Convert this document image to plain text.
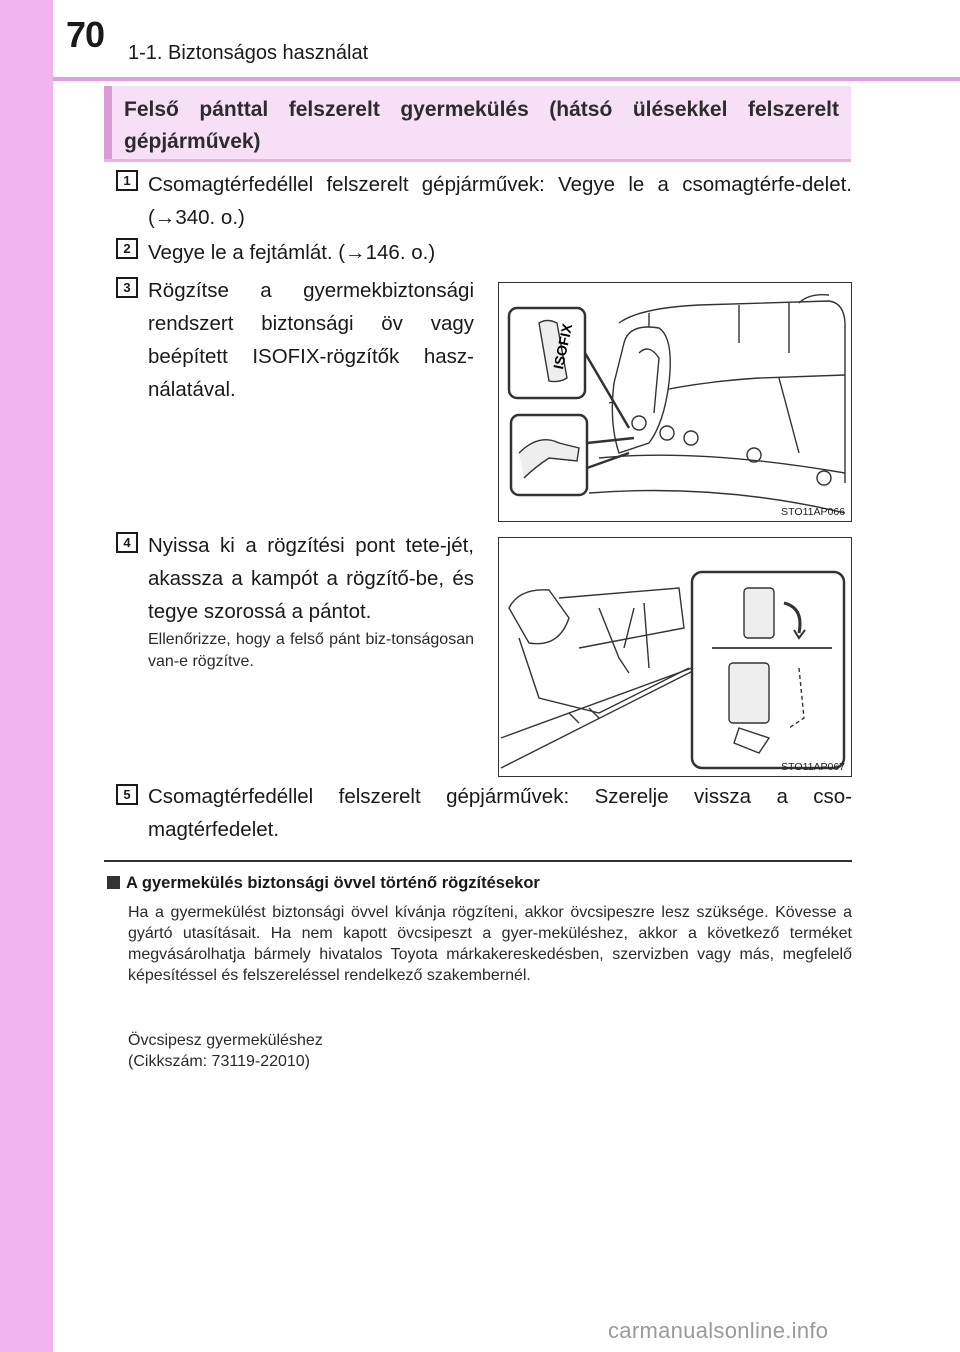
70 1-1. Biztonságos használat
Felső pánttal felszerelt gyermekülés (hátsó ülésekkel felszerelt gépjárművek)
1 Csomagtérfedéllel felszerelt gépjárművek: Vegye le a csomagtérfe-delet. (→340. o.)
2 Vegye le a fejtámlát. (→146. o.)
3 Rögzítse a gyermekbiztonsági rendszert biztonsági öv vagy beépített ISOFIX-rögzítők hasz-nálatával.
ISOFIX
STO11AP066
4 Nyissa ki a rögzítési pont tete-jét, akassza a kampót a rögzítő-be, és tegye szorossá a pántot.
Ellenőrizze, hogy a felső pánt biz-tonságosan van-e rögzítve.
STO11AP067
5 Csomagtérfedéllel felszerelt gépjárművek: Szerelje vissza a cso-magtérfedelet.
A gyermekülés biztonsági övvel történő rögzítésekor
Ha a gyermekülést biztonsági övvel kívánja rögzíteni, akkor övcsipeszre lesz szüksége. Kövesse a gyártó utasításait. Ha nem kapott övcsipeszt a gyer-meküléshez, akkor a következő terméket megvásárolhatja bármely hivatalos Toyota márkakereskedésben, szervizben vagy más, megfelelő képesítéssel és felszereléssel rendelkező szakembernél.
Övcsipesz gyermeküléshez
(Cikkszám: 73119-22010)
carmanualsonline.info
